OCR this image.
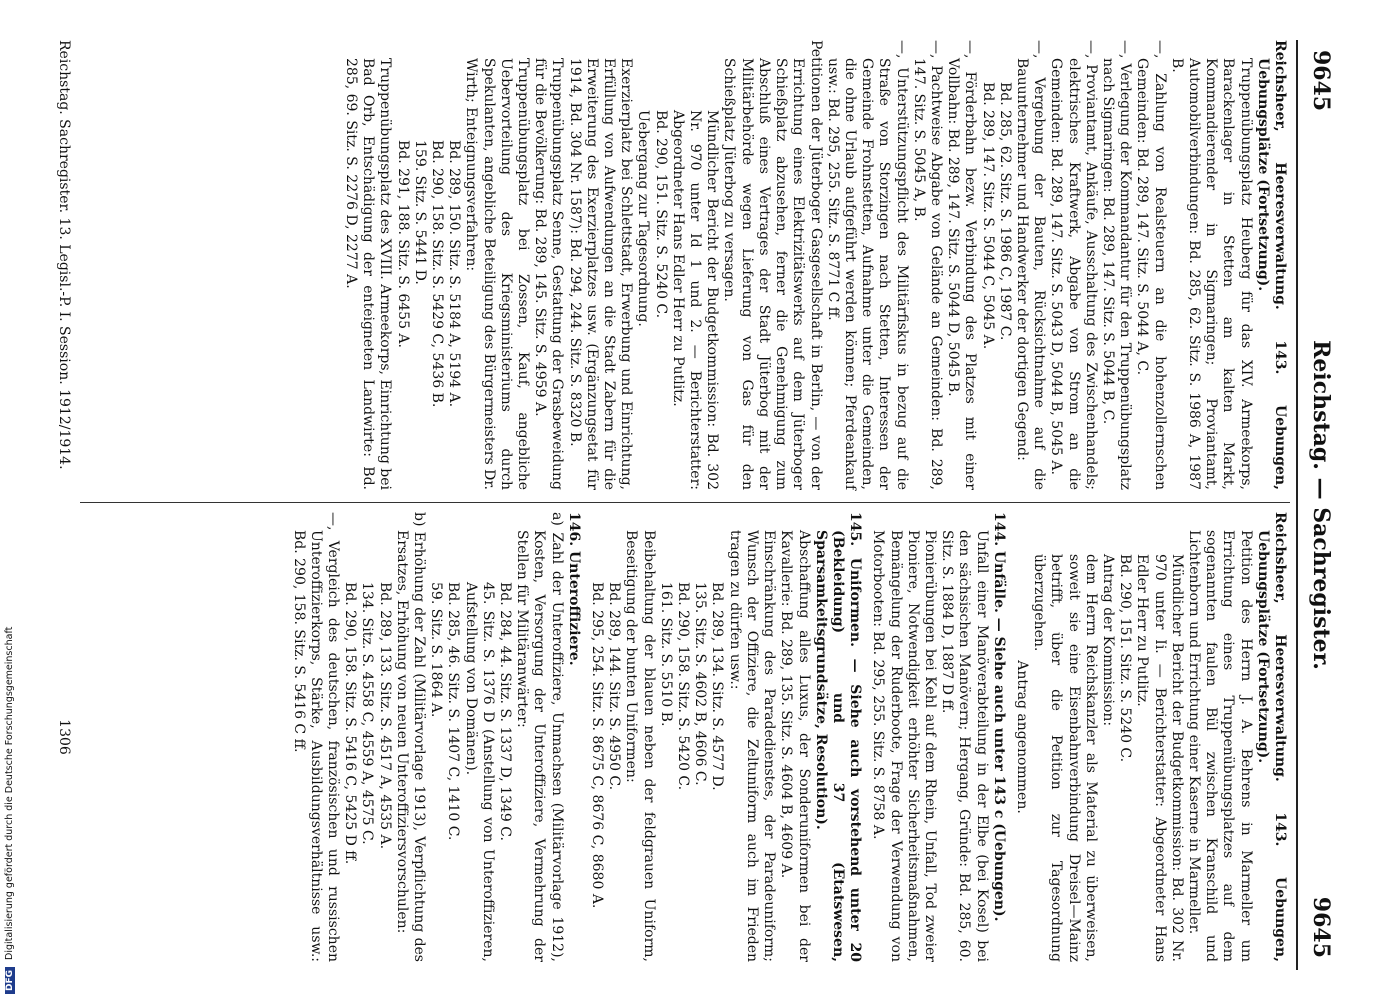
9645
Reichstag. — Sachregister.
9645

Reichsheer, Heeresverwaltung. 143. Uebungen, Uebungsplätze (Fortsetzung).

Truppenübungsplatz Heuberg für das XIV. Armeekorps, Barackenlager in Stetten am kalten Markt, Kommandierender in Sigmaringen; Proviantamt, Automobilverbindungen: Bd. 285, 62. Sitz. S. 1986 A, 1987 B.

—, Zahlung von Realsteuern an die hohenzollernschen Gemeinden: Bd. 289, 147. Sitz. S. 5044 A, C.

—, Verlegung der Kommandantur für den Truppenübungsplatz nach Sigmaringen: Bd. 289, 147. Sitz. S. 5044 B, C.

—, Proviantamt, Ankäufe, Ausschaltung des Zwischenhandels; elektrisches Kraftwerk, Abgabe von Strom an die Gemeinden: Bd. 289, 147. Sitz. S. 5043 D, 5044 B, 5045 A.

—, Vergebung der Bauten, Rücksichtnahme auf die Bauunternehmer und Handwerker der dortigen Gegend:

Bd. 285, 62. Sitz. S. 1986 C, 1987 C.

Bd. 289, 147. Sitz. S. 5044 C, 5045 A.

—, Förderbahn bezw. Verbindung des Platzes mit einer Vollbahn: Bd. 289, 147. Sitz. S. 5044 D, 5045 B.

—, Pachtweise Abgabe von Gelände an Gemeinden: Bd. 289, 147. Sitz. S. 5045 A, B.

—, Unterstützungspflicht des Militärfiskus in bezug auf die Straße von Storzingen nach Stetten, Interessen der Gemeinde Frohnstetten, Aufnahme unter die Gemeinden, die ohne Urlaub aufgeführt werden können; Pferdeankauf usw.: Bd. 295, 255. Sitz. S. 8771 C ff.

Petitionen der Jüterboger Gasgesellschaft in Berlin, — von der Errichtung eines Elektrizitätswerks auf dem Jüterboger Schießplatz abzusehen, ferner die Genehmigung zum Abschluß eines Vertrages der Stadt Jüterbog mit der Militärbehörde wegen Lieferung von Gas für den Schießplatz Jüterbog zu versagen.

Mündlicher Bericht der Budgetkommission: Bd. 302 Nr. 970 unter Id 1 und 2. — Berichterstatter: Abgeordneter Hans Edler Herr zu Putlitz.

Bd. 290, 151. Sitz. S. 5240 C.

Uebergang zur Tagesordnung.

Exerzierplatz bei Schlettstadt, Erwerbung und Einrichtung, Erfüllung von Aufwendungen an die Stadt Zabern für die Erweiterung des Exerzierplatzes usw. (Ergänzungsetat für 1914, Bd. 304 Nr. 1587): Bd. 294, 244. Sitz. S. 8320 B.

Truppenübungsplatz Senne, Gestattung der Grasbeweidung für die Bevölkerung: Bd. 289, 145. Sitz. S. 4959 A.

Truppenübungsplatz bei Zossen, Kauf, angebliche Uebervorteilung des Kriegsministeriums durch Spekulanten, angebliche Beteiligung des Bürgermeisters Dr. Wirth; Enteignungsverfahren:

Bd. 289, 150. Sitz. S. 5184 A, 5194 A.

Bd. 290, 158. Sitz. S. 5429 C, 5436 B.

159. Sitz. S. 5441 D.

Bd. 291, 188. Sitz. S. 6455 A.

Truppenübungsplatz des XVIII. Armeekorps, Einrichtung bei Bad Orb, Entschädigung der enteigneten Landwirte: Bd. 285, 69. Sitz. S. 2276 D, 2277 A.

Reichsheer, Heeresverwaltung. 143. Uebungen, Uebungsplätze (Fortsetzung).

Petition des Herrn J. A. Behrens in Marmeller um Errichtung eines Truppenübungsplatzes auf dem sogenannten faulen Bül zwischen Kranschild und Lichtenborn und Errichtung einer Kaserne in Marmeller.

Mündlicher Bericht der Budgetkommission: Bd. 302 Nr. 970 unter Ii. — Berichterstatter: Abgeordneter Hans Edler Herr zu Putlitz.

Bd. 290, 151. Sitz. S. 5240 C.

Antrag der Kommission:

dem Herrn Reichskanzler als Material zu überweisen, soweit sie eine Eisenbahnverbindung Dreisel—Mainz betrifft, über die Petition zur Tagesordnung überzugehen.

Antrag angenommen.

144. Unfälle. — Siehe auch unter 143 c (Uebungen).

Unfall einer Manöverabteilung in der Elbe (bei Kosel) bei den sächsischen Manövern; Hergang, Gründe: Bd. 285, 60. Sitz. S. 1884 D, 1887 D ff.

Pionierübungen bei Kehl auf dem Rhein, Unfall, Tod zweier Pioniere, Notwendigkeit erhöhter Sicherheitsmaßnahmen, Bemängelung der Ruderboote, Frage der Verwendung von Motorbooten: Bd. 295, 255. Sitz. S. 8758 A.

145. Uniformen. — Siehe auch vorstehend unter 20 (Bekleidung) und 37 (Etatswesen, Sparsamkeitsgrundsätze, Resolution).

Abschaffung alles Luxus, der Sonderuniformen bei der Kavallerie: Bd. 289, 135. Sitz. S. 4604 B, 4609 A.

Einschränkung des Paradedienstes, der Paradeuniform; Wunsch der Offiziere, die Zeltuniform auch im Frieden tragen zu dürfen usw.:

Bd. 289, 134. Sitz. S. 4577 D.

135. Sitz. S. 4602 B, 4606 C.

Bd. 290, 158. Sitz. S. 5420 C.

161. Sitz. S. 5510 B.

Beibehaltung der blauen neben der feldgrauen Uniform, Beseitigung der bunten Uniformen:

Bd. 289, 144. Sitz. S. 4950 C.

Bd. 295, 254. Sitz. S. 8675 C, 8676 C, 8680 A.

146. Unteroffiziere.

a) Zahl der Unteroffiziere, Unmachsen (Militärvorlage 1912), Kosten, Versorgung der Unteroffiziere, Vermehrung der Stellen für Militäranwärter:

Bd. 284, 44. Sitz. S. 1337 D, 1349 C.

45. Sitz. S. 1376 D (Anstellung von Unteroffizieren, Aufstellung von Domänen).

Bd. 285, 46. Sitz. S. 1407 C, 1410 C.

59. Sitz. S. 1864 A.

b) Erhöhung der Zahl (Militärvorlage 1913), Verpflichtung des Ersatzes, Erhöhung von neuen Unteroffiziersvorschulen:

Bd. 289, 133. Sitz. S. 4517 A, 4535 A.

134. Sitz. S. 4558 C, 4559 A, 4575 C.

Bd. 290, 158. Sitz. S. 5416 C, 5425 D ff.

—, Vergleich des deutschen, französischen und russischen Unteroffizierkorps, Stärke, Ausbildungsverhältnisse usw.: Bd. 290, 158. Sitz. S. 5416 C ff.

Reichstag. Sachregister. 13. Legisl.-P. I. Session. 1912/1914.
1306
DFG Digitalisierung gefördert durch die Deutsche Forschungsgemeinschaft
